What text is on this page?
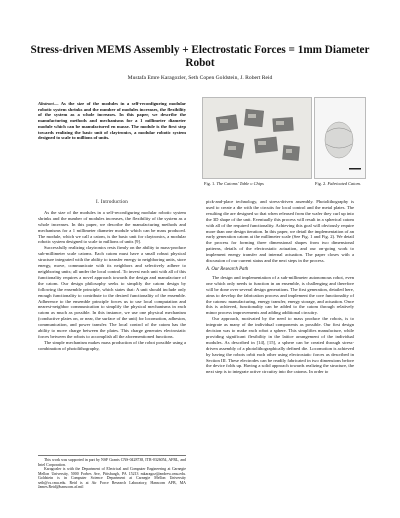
Stress-driven MEMS Assembly + Electrostatic Forces = 1mm Diameter Robot
Mustafa Emre Karagozler, Seth Copen Goldstein, J. Robert Reid
Abstract— As the size of the modules in a self-reconfiguring modular robotic system shrinks and the number of modules increases, the flexibility of the system as a whole increases. In this paper, we describe the manufacturing methods and mechanisms for a 1 millimeter diameter module which can be manufactured en masse. The module is the first step towards realizing the basic unit of claytronics, a modular robotic system designed to scale to millions of units.
Fig. 1. The Catoms' Table o Chips	Fig. 2. Fabricated Catom.
I. Introduction

As the size of the modules in a self-reconfiguring modular robotic system shrinks and the number of modules increases, the flexibility of the system as a whole increases. In this paper, we describe the manufacturing methods and mechanisms for a 1 millimeter diameter module which can be mass produced. The module, which we call a catom, is the basic unit for claytronics, a modular robotic system designed to scale to millions of units [9].

Successfully realizing claytronics rests firmly on the ability to mass-produce sub-millimeter scale catoms. Each catom must have a small robust physical structure integrated with the ability to transfer energy to neighboring units, store energy, move, communicate with its neighbors and selectively adhere to neighboring units; all under the local control. To invest each unit with all of this functionality requires a novel approach towards the design and manufacture of the catom. Our design philosophy seeks to simplify the catom design by following the ensemble principle, which states that: A unit should include only enough functionality to contribute to the desired functionality of the ensemble. Adherence to the ensemble principle forces us to use local computation and nearest-neighbor communication to simplify the physical mechanisms in each catom as much as possible. In this instance, we use one physical mechanism (conductive plates on, or near, the surface of the unit) for locomotion, adhesion, communication, and power transfer. The local control of the catom has the ability to move charge between the plates. This charge generates electrostatic forces between the robots to accomplish all the aforementioned functions.

The simple mechanism makes mass production of the robot possible using a combination of photolithography,

This work was supported in part by NSF Grants CNS-0428738, ITR-0326054, AFRL, and Intel Corporation.

Karagozler is with the Department of Electrical and Computer Engineering at Carnegie Mellon University, 5000 Forbes Ave, Pittsburgh, PA 15213 mkaragoz@andrew.cmu.edu. Goldstein is in Computer Science Department at Carnegie Mellon University seth@cs.cmu.edu. Reid is at Air Force Research Laboratory, Hanscom AFB, MA James.Reid@hanscom.af.mil

pick-and-place technology, and stress-driven assembly. Photolithography is used to create a die with the circuits for local control and the metal plates. The resulting die are designed so that when released from the wafer they curl up into the 3D shape of the unit. Eventually this process will result in a spherical catom with all of the required functionality. Achieving this goal will obviously require more than one design iteration. In this paper, we detail the implementation of an early generation catom at the millimeter scale (See Fig. 1 and Fig. 2). We detail the process for forming three dimensional shapes from two dimensional patterns, details of the electrostatic actuation, and our on-going work to implement energy transfer and internal actuation. The paper closes with a discussion of our current status and the next steps in the process.

A. Our Research Path

The design and implementation of a sub-millimeter autonomous robot, even one which only needs to function in an ensemble, is challenging and therefore will be done over several design generations. The first generation, detailed here, aims to develop the fabrication process and implement the core functionality of the catoms: manufacturing, energy transfer, energy storage, and actuation. Once this is achieved, functionality can be added to the catom through relatively minor process improvements and adding additional circuitry.

Our approach, motivated by the need to mass produce the robots, is to integrate as many of the individual components as possible. Our first design decision was to make each robot a sphere. This simplifies manufacture, while providing significant flexibility in the lattice arrangement of the individual modules. As described in [14], [15], a sphere can be created through stress-driven assembly of a photolithographically defined die. Locomotion is achieved by having the robots orbit each other using electrostatic forces as described in Section III. These electrodes can be readily fabricated in two dimensions before the device folds up. Having a solid approach towards realizing the structure, the next step is to integrate active circuitry into the catoms. In order to
